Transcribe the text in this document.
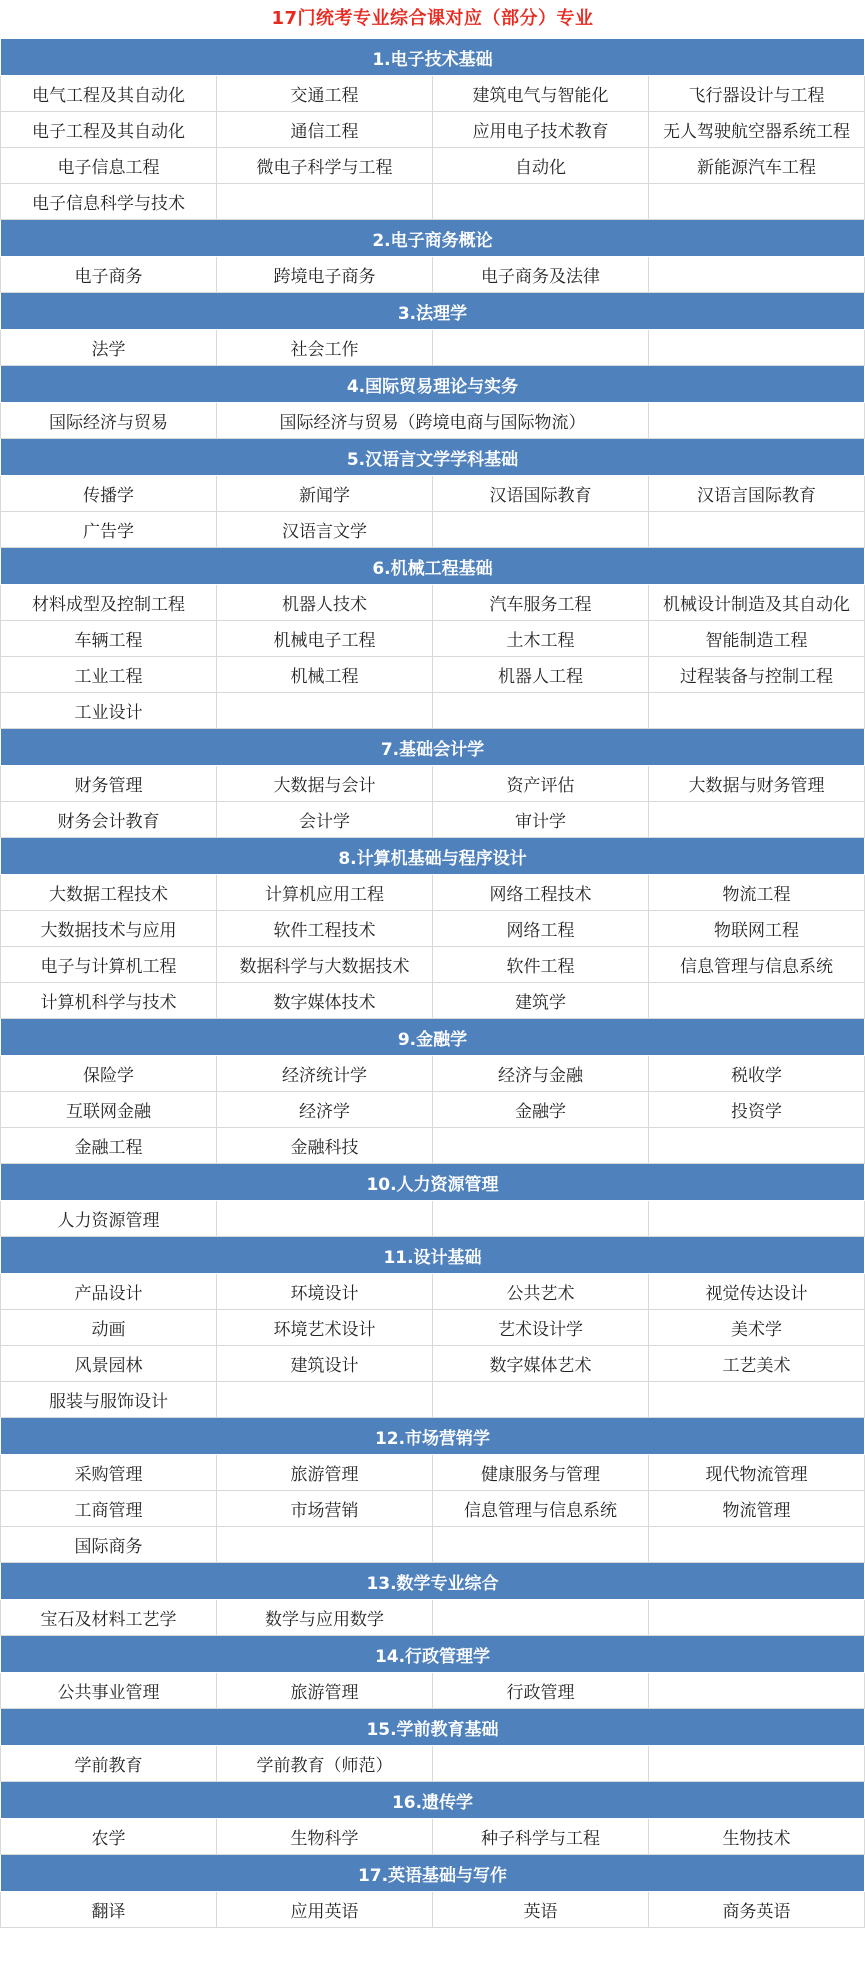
17门统考专业综合课对应（部分）专业
1.电子技术基础			
电气工程及其自动化	交通工程	建筑电气与智能化	飞行器设计与工程
电子工程及其自动化	通信工程	应用电子技术教育	无人驾驶航空器系统工程
电子信息工程	微电子科学与工程	自动化	新能源汽车工程
电子信息科学与技术			
2.电子商务概论			
电子商务	跨境电子商务	电子商务及法律	
3.法理学			
法学	社会工作		
4.国际贸易理论与实务			
国际经济与贸易	国际经济与贸易（跨境电商与国际物流）		
5.汉语言文学学科基础			
传播学	新闻学	汉语国际教育	汉语言国际教育
广告学	汉语言文学		
6.机械工程基础			
材料成型及控制工程	机器人技术	汽车服务工程	机械设计制造及其自动化
车辆工程	机械电子工程	土木工程	智能制造工程
工业工程	机械工程	机器人工程	过程装备与控制工程
工业设计			
7.基础会计学			
财务管理	大数据与会计	资产评估	大数据与财务管理
财务会计教育	会计学	审计学	
8.计算机基础与程序设计			
大数据工程技术	计算机应用工程	网络工程技术	物流工程
大数据技术与应用	软件工程技术	网络工程	物联网工程
电子与计算机工程	数据科学与大数据技术	软件工程	信息管理与信息系统
计算机科学与技术	数字媒体技术	建筑学	
9.金融学			
保险学	经济统计学	经济与金融	税收学
互联网金融	经济学	金融学	投资学
金融工程	金融科技		
10.人力资源管理			
人力资源管理			
11.设计基础			
产品设计	环境设计	公共艺术	视觉传达设计
动画	环境艺术设计	艺术设计学	美术学
风景园林	建筑设计	数字媒体艺术	工艺美术
服装与服饰设计			
12.市场营销学			
采购管理	旅游管理	健康服务与管理	现代物流管理
工商管理	市场营销	信息管理与信息系统	物流管理
国际商务			
13.数学专业综合			
宝石及材料工艺学	数学与应用数学		
14.行政管理学			
公共事业管理	旅游管理	行政管理	
15.学前教育基础			
学前教育	学前教育（师范）		
16.遗传学			
农学	生物科学	种子科学与工程	生物技术
17.英语基础与写作			
翻译	应用英语	英语	商务英语
